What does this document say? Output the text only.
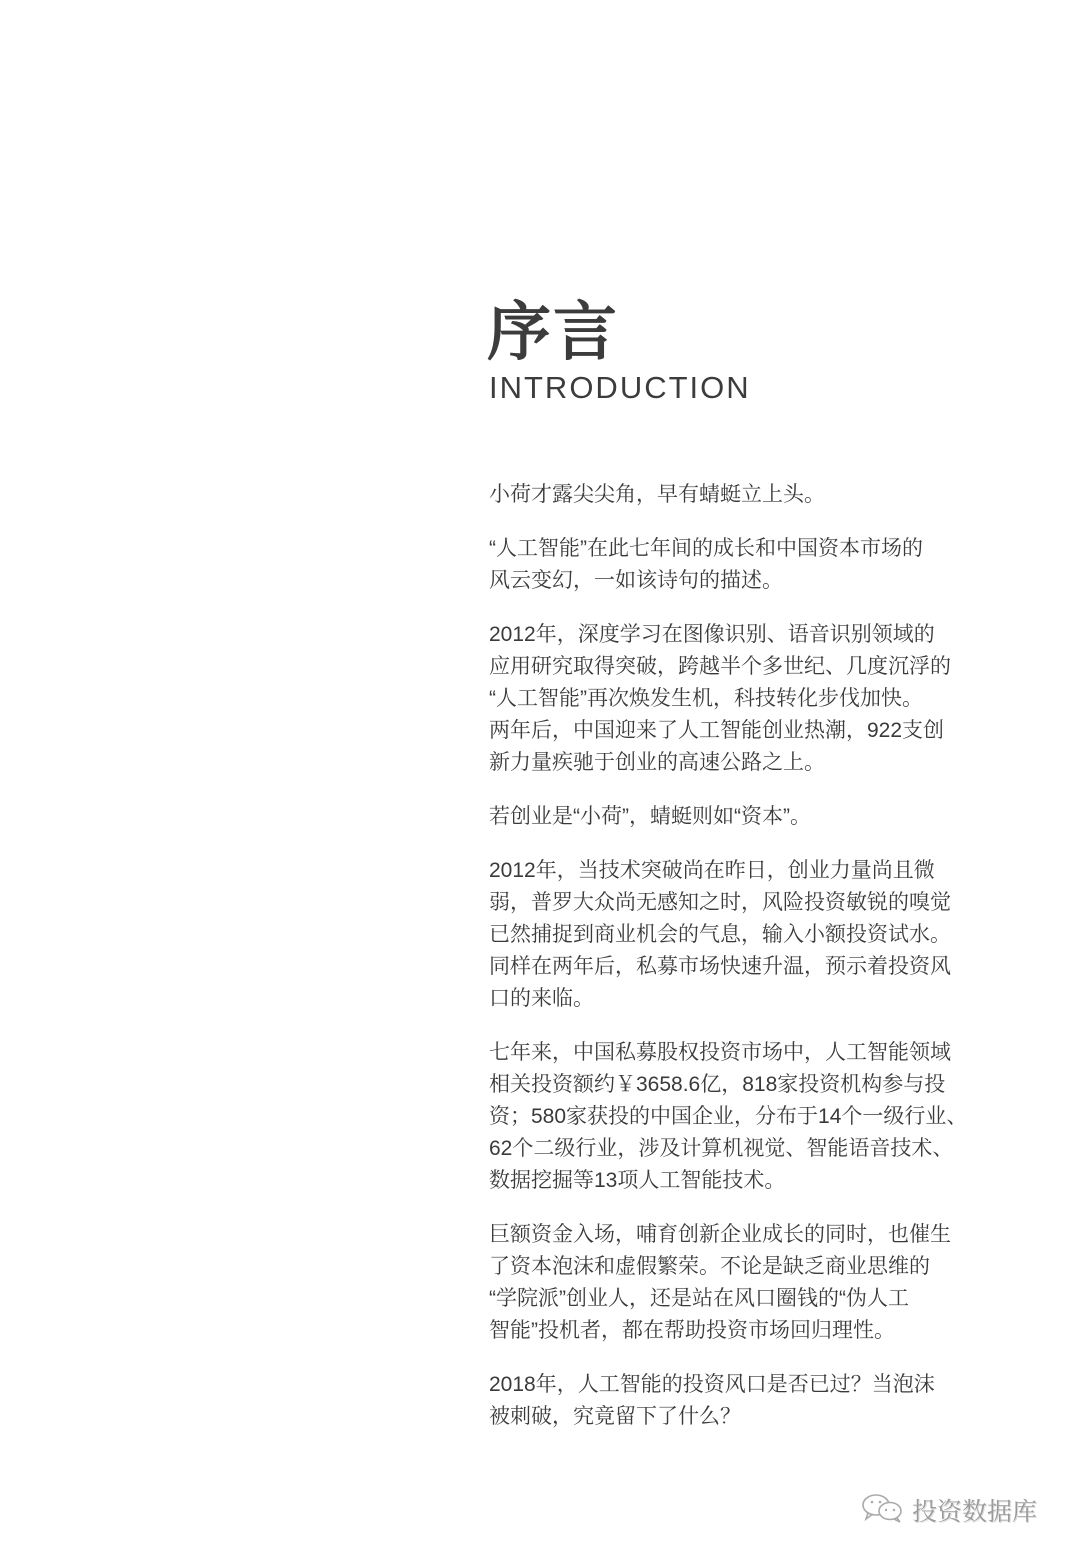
序言
INTRODUCTION
小荷才露尖尖角，早有蜻蜓立上头。
“人工智能”在此七年间的成长和中国资本市场的
风云变幻，一如该诗句的描述。
2012年，深度学习在图像识别、语音识别领域的
应用研究取得突破，跨越半个多世纪、几度沉浮的
“人工智能”再次焕发生机，科技转化步伐加快。
两年后，中国迎来了人工智能创业热潮，922支创
新力量疾驰于创业的高速公路之上。
若创业是“小荷”，蜻蜓则如“资本”。
2012年，当技术突破尚在昨日，创业力量尚且微
弱，普罗大众尚无感知之时，风险投资敏锐的嗅觉
已然捕捉到商业机会的气息，输入小额投资试水。
同样在两年后，私募市场快速升温，预示着投资风
口的来临。
七年来，中国私募股权投资市场中，人工智能领域
相关投资额约￥3658.6亿，818家投资机构参与投
资；580家获投的中国企业，分布于14个一级行业、
62个二级行业，涉及计算机视觉、智能语音技术、
数据挖掘等13项人工智能技术。
巨额资金入场，哺育创新企业成长的同时，也催生
了资本泡沫和虚假繁荣。不论是缺乏商业思维的
“学院派”创业人，还是站在风口圈钱的“伪人工
智能”投机者，都在帮助投资市场回归理性。
2018年，人工智能的投资风口是否已过？当泡沫
被刺破，究竟留下了什么？
投资数据库
